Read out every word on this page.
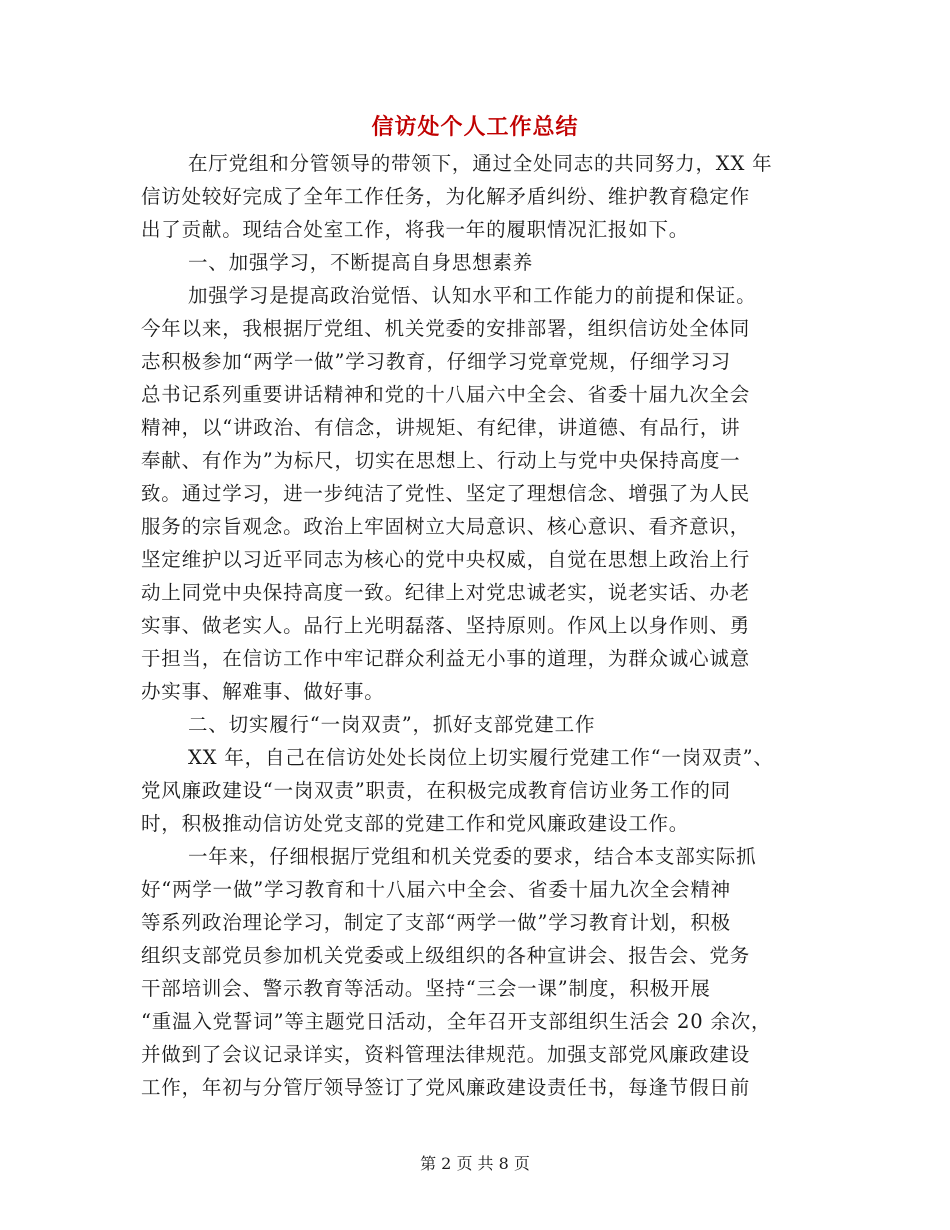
信访处个人工作总结
在厅党组和分管领导的带领下，通过全处同志的共同努力，XX 年
信访处较好完成了全年工作任务，为化解矛盾纠纷、维护教育稳定作
出了贡献。现结合处室工作，将我一年的履职情况汇报如下。
一、加强学习，不断提高自身思想素养
加强学习是提高政治觉悟、认知水平和工作能力的前提和保证。
今年以来，我根据厅党组、机关党委的安排部署，组织信访处全体同
志积极参加“两学一做”学习教育，仔细学习党章党规，仔细学习习
总书记系列重要讲话精神和党的十八届六中全会、省委十届九次全会
精神，以“讲政治、有信念，讲规矩、有纪律，讲道德、有品行，讲
奉献、有作为”为标尺，切实在思想上、行动上与党中央保持高度一
致。通过学习，进一步纯洁了党性、坚定了理想信念、增强了为人民
服务的宗旨观念。政治上牢固树立大局意识、核心意识、看齐意识，
坚定维护以习近平同志为核心的党中央权威，自觉在思想上政治上行
动上同党中央保持高度一致。纪律上对党忠诚老实，说老实话、办老
实事、做老实人。品行上光明磊落、坚持原则。作风上以身作则、勇
于担当，在信访工作中牢记群众利益无小事的道理，为群众诚心诚意
办实事、解难事、做好事。
二、切实履行“一岗双责”，抓好支部党建工作
XX 年，自己在信访处处长岗位上切实履行党建工作“一岗双责”、
党风廉政建设“一岗双责”职责，在积极完成教育信访业务工作的同
时，积极推动信访处党支部的党建工作和党风廉政建设工作。
一年来，仔细根据厅党组和机关党委的要求，结合本支部实际抓
好“两学一做”学习教育和十八届六中全会、省委十届九次全会精神
等系列政治理论学习，制定了支部“两学一做”学习教育计划，积极
组织支部党员参加机关党委或上级组织的各种宣讲会、报告会、党务
干部培训会、警示教育等活动。坚持“三会一课”制度，积极开展
“重温入党誓词”等主题党日活动，全年召开支部组织生活会 20 余次，
并做到了会议记录详实，资料管理法律规范。加强支部党风廉政建设
工作，年初与分管厅领导签订了党风廉政建设责任书，每逢节假日前
第 2 页 共 8 页
